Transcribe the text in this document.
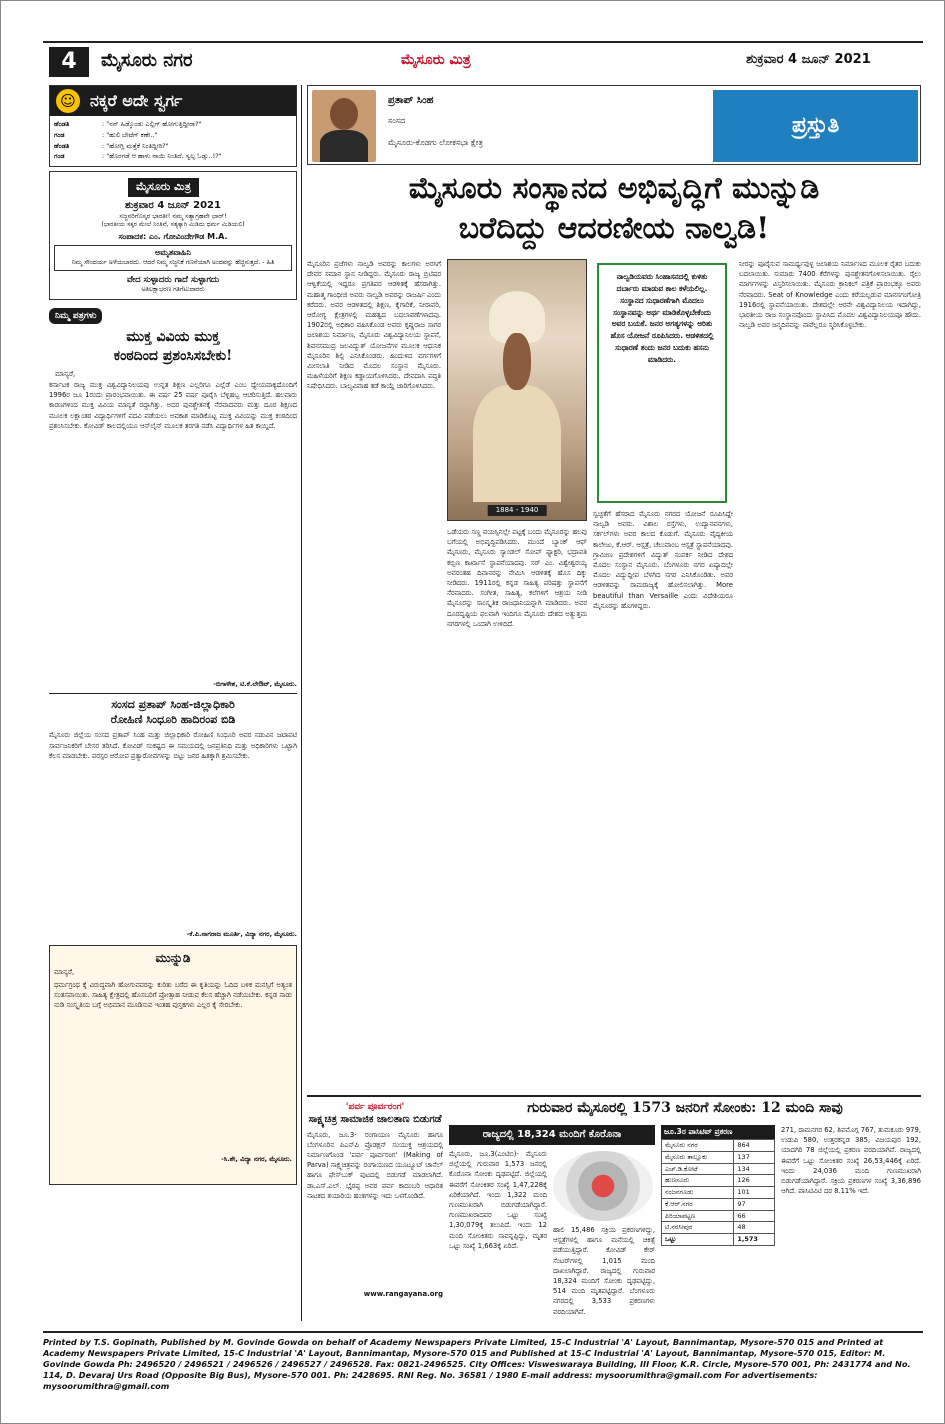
4	ಮೈಸೂರು ನಗರ	ಮೈಸೂರು ಮಿತ್ರ	ಶುಕ್ರವಾರ 4 ಜೂನ್ 2021
☺ ನಕ್ಕರೆ ಅದೇ ಸ್ವರ್ಗ
ಹೆಂಡತಿ	: "ನನ್ ಹಿಡ್ಕೊಂಡು ಎಲ್ಲಿಗ್ ಹೋಗುತ್ತಿದ್ದೀರಾ?"
ಗಂಡ	: "ಹುಲಿ ಬೇಟೆಗ್ ಕಣೇ.."
ಹೆಂಡತಿ	: "ಹೋಗ್ಲಿ ಮತ್ತೆಕೆ ನಿಂತಿದ್ದೀರಿ?"
ಗಂಡ	: "ಹೊರಗಡೆ ಆ ಹಾಳು ನಾಯಿ ನಿಂತಿದೆ, ಸ್ವಲ್ಪ ಓಡ್ಸು..!?"
ಮೈಸೂರು ಮಿತ್ರ
ಶುಕ್ರವಾರ 4 ಜೂನ್ 2021
ಸಜ್ಜನರಿಗೊಸ್ಕರ ಭಾರತೀ! ನಮ್ಮ ಸತ್ಯಾಗ್ರಹವೇ ಛಾರ್!
(ಭಾರತೀಯ ಸಕ್ಕರ ಮೇಲೆ ನಿಂತಿವೆ, ಸತ್ಯಕ್ಕಾಗಿ ಮಿಡಿದು ಧರ್ಮ ಮಿಡಿಯಲಿ)
ಸಂಪಾದಕ: ಎಂ. ಗೋವಿಂದೇಗೌಡ M.A.
ಅಮೃತವಾಹಿನಿ
ನಿಮ್ಮ ಸೌಂದರ್ಯ ಅಳೆಯಬಾರದು. ಆದರೆ ನಿಮ್ಮ ಸಜ್ಜನಿಕೆ ಗಣನೆಯಾಗಿ ಅಂದವನ್ನು ಹೆಚ್ಚಿಸುತ್ತದೆ. - ಹಿತಿ
ವೇದ ಸುಳ್ಳಾದರು ಗಾದೆ ಸುಳ್ಳಾಗದು
ಅತಿಲಕ್ಷಾಭರಣ ಗತಿಗೆಟುದಾರರು
ನಿಮ್ಮ ಪತ್ರಗಳು
ಮುಕ್ತ ವಿವಿಯ ಮುಕ್ತ
ಕಂಠದಿಂದ ಪ್ರಶಂಸಿಸಬೇಕು!
ಮಾನ್ಯರೆ,
ಕರ್ನಾಟಕ ರಾಜ್ಯ ಮುಕ್ತ ವಿಶ್ವವಿದ್ಯಾನಿಲಯವು ಉನ್ನತ ಶಿಕ್ಷಣ ಎಲ್ಲರಿಗೂ ಎಲ್ಲೆಡೆ ಎಂಬ ಧ್ಯೇಯವಾಕ್ಯದೊಂದಿಗೆ 1996ರ ಜೂ 1ರಂದು ಪ್ರಾರಂಭವಾಯಿತು. ಈ ವರ್ಷ 25 ವರ್ಷ ಪೂರೈಸಿ ಬೆಳ್ಳಿಹಬ್ಬ ಆಚರಿಸುತ್ತಿದೆ. ಹಲವಾರು ಕಾರಣಗಳಿಂದ ಮುಕ್ತ ವಿವಿಯ ಮಾನ್ಯತೆ ರದ್ದಾಗಿತ್ತು. ಅದರ ಪುನಶ್ಚೇತನಕ್ಕೆ ನೆರವಾದವರು ಮತ್ತು ದೂರ ಶಿಕ್ಷಣದ ಮೂಲಕ ಲಕ್ಷಾಂತರ ವಿದ್ಯಾರ್ಥಿಗಳಿಗೆ ಪದವಿ ಪಡೆಯಲು ಅವಕಾಶ ಮಾಡಿಕೊಟ್ಟ ಮುಕ್ತ ವಿವಿಯನ್ನು ಮುಕ್ತ ಕಂಠದಿಂದ ಪ್ರಶಂಸಿಸಬೇಕು. ಕೋವಿಡ್ ಕಾಲದಲ್ಲಿಯೂ ಆನ್‌ಲೈನ್ ಮೂಲಕ ತರಗತಿ ನಡೆಸಿ ವಿದ್ಯಾರ್ಥಿಗಳ ಹಿತ ಕಾಯ್ದಿದೆ.
-ಬಿಗಾಳೇಶ, ಟಿ.ಕೆ.ಲೇಔಟ್, ಮೈಸೂರು.
ಸಂಸದ ಪ್ರತಾಪ್ ಸಿಂಹ-ಜಿಲ್ಲಾಧಿಕಾರಿ
ರೋಹಿಣಿ ಸಿಂಧೂರಿ ಹಾದಿರಂಪ ಬಿಡಿ
ಮೈಸೂರು ಜಿಲ್ಲೆಯ ಸಂಸದ ಪ್ರತಾಪ್ ಸಿಂಹ ಮತ್ತು ಜಿಲ್ಲಾಧಿಕಾರಿ ರೋಹಿಣಿ ಸಿಂಧೂರಿ ಅವರ ನಡುವಿನ ಜಟಾಪಟಿ ಸಾರ್ವಜನಿಕರಿಗೆ ಬೇಸರ ತರಿಸಿದೆ. ಕೋವಿಡ್ ಸಂಕಷ್ಟದ ಈ ಸಮಯದಲ್ಲಿ ಜನಪ್ರತಿನಿಧಿ ಮತ್ತು ಅಧಿಕಾರಿಗಳು ಒಟ್ಟಾಗಿ ಕೆಲಸ ಮಾಡಬೇಕು. ಪರಸ್ಪರ ಆರೋಪ ಪ್ರತ್ಯಾರೋಪಗಳನ್ನು ಬಿಟ್ಟು ಜನರ ಹಿತಕ್ಕಾಗಿ ಶ್ರಮಿಸಬೇಕು.
-ಕೆ.ಪಿ.ನಾಗರಾಜ ಮೂರ್ತಿ, ವಿದ್ಯಾ ನಗರ, ಮೈಸೂರು.
ಮುನ್ನುಡಿ
ಮಾನ್ಯರೆ,
ಧರ್ಮಗ್ರಂಥ ಕ್ಕೆ ವಿರುದ್ಧವಾಗಿ ಹೋಗುವವರನ್ನು ಕುರಿತು ಬರೆದ ಈ ಕೃತಿಯನ್ನು ಓದಿದ ಬಳಿಕ ಮನಸ್ಸಿಗೆ ಅತ್ಯಂತ ಸಂತಸವಾಯಿತು. ಸಾಹಿತ್ಯ ಕ್ಷೇತ್ರದಲ್ಲಿ ಹೊಸಬರಿಗೆ ಪ್ರೋತ್ಸಾಹ ನೀಡುವ ಕೆಲಸ ಹೆಚ್ಚಾಗಿ ನಡೆಯಬೇಕು. ಕನ್ನಡ ನಾಡು ನುಡಿ ಸಂಸ್ಕೃತಿಯ ಬಗ್ಗೆ ಅಭಿಮಾನ ಮೂಡಿಸುವ ಇಂತಹ ಪುಸ್ತಕಗಳು ಎಲ್ಲರ ಕೈ ಸೇರಬೇಕು.
-ಸಿ.ಶೇ, ವಿದ್ಯಾ ನಗರ, ಮೈಸೂರು.
ಪ್ರತಾಪ್ ಸಿಂಹ
ಸಂಸದ
ಮೈಸೂರು-ಕೊಡಗು ಲೋಕಸಭಾ ಕ್ಷೇತ್ರ
ಪ್ರಸ್ತುತಿ
ಮೈಸೂರು ಸಂಸ್ಥಾನದ ಅಭಿವೃದ್ಧಿಗೆ ಮುನ್ನುಡಿ
ಬರೆದಿದ್ದು ಆದರಣೀಯ ನಾಲ್ವಡಿ!
ಮೈಸೂರಿನ ಪ್ರಜೆಗಳು ನಾಲ್ವಡಿ ಅವರನ್ನು ಕಾಲಗಳು ಅರಸಿಗೆ ದೇವರ ಸಮಾನ ಸ್ಥಾನ ನೀಡಿದ್ದರು. ಮೈಸೂರು ರಾಜ್ಯ ಬ್ರಿಟಿಷರ ಆಳ್ವಿಕೆಯಲ್ಲಿ ಇದ್ದರೂ ಪ್ರಗತಿಪರ ಆಡಳಿತಕ್ಕೆ ಹೆಸರಾಗಿತ್ತು. ಮಹಾತ್ಮ ಗಾಂಧೀಜಿ ಅವರು ನಾಲ್ವಡಿ ಅವರನ್ನು ರಾಜರ್ಷಿ ಎಂದು ಕರೆದರು. ಅವರ ಆಡಳಿತದಲ್ಲಿ ಶಿಕ್ಷಣ, ಕೈಗಾರಿಕೆ, ನೀರಾವರಿ, ಆರೋಗ್ಯ ಕ್ಷೇತ್ರಗಳಲ್ಲಿ ಮಹತ್ವದ ಬದಲಾವಣೆಗಳಾದವು. 1902ರಲ್ಲಿ ಅಧಿಕಾರ ವಹಿಸಿಕೊಂಡ ಅವರು ಕೃಷ್ಣರಾಜ ಸಾಗರ ಜಲಾಶಯ ನಿರ್ಮಾಣ, ಮೈಸೂರು ವಿಶ್ವವಿದ್ಯಾನಿಲಯ ಸ್ಥಾಪನೆ, ಶಿವನಸಮುದ್ರ ಜಲವಿದ್ಯುತ್ ಯೋಜನೆಗಳ ಮೂಲಕ ಆಧುನಿಕ ಮೈಸೂರಿನ ಶಿಲ್ಪಿ ಎನಿಸಿಕೊಂಡರು. ಹಿಂದುಳಿದ ವರ್ಗಗಳಿಗೆ ಮೀಸಲಾತಿ ನೀಡಿದ ಮೊದಲ ಸಂಸ್ಥಾನ ಮೈಸೂರು. ಮಹಿಳೆಯರಿಗೆ ಶಿಕ್ಷಣ ಕಡ್ಡಾಯಗೊಳಿಸಿದರು. ದೇವದಾಸಿ ಪದ್ಧತಿ ನಿಷೇಧಿಸಿದರು. ಬಾಲ್ಯವಿವಾಹ ತಡೆ ಕಾಯ್ದೆ ಜಾರಿಗೊಳಿಸಿದರು.
1884 - 1940
ನಾಲ್ವಡಿಯವರು ಸಿಂಹಾಸನದಲ್ಲಿ ಕುಳಿತು ದರ್ಬಾರು ಮಾಡುವ ಕಾಲ ಕಳೆಯಲಿಲ್ಲ. ಸಂಸ್ಥಾನದ ಸುಧಾರಣೆಗಾಗಿ ಮೊದಲು ಸಂಸ್ಥಾನವನ್ನು ಅರ್ಥ ಮಾಡಿಕೊಳ್ಳಬೇಕೆಂದು ಅವರ ಬಯಕೆ. ಜನರ ಅಗತ್ಯಗಳನ್ನು ಅರಿತು ಹೊಸ ಯೋಜನೆ ರೂಪಿಸಿದರು. ಆಡಳಿತದಲ್ಲಿ ಸುಧಾರಣೆ ತಂದು ಜನರ ಬದುಕು ಹಸನು ಮಾಡಿದರು.
ಒಡೆಯರು ಸಣ್ಣ ವಯಸ್ಸಿನಲ್ಲೇ ಪಟ್ಟಕ್ಕೆ ಬಂದು ಮೈಸೂರನ್ನು ಹಲವು ಬಗೆಯಲ್ಲಿ ಅಭಿವೃದ್ಧಿಪಡಿಸಿದರು. ಮುಂದೆ ಬ್ಯಾಂಕ್ ಆಫ್ ಮೈಸೂರು, ಮೈಸೂರು ಸ್ಯಾಂಡಲ್ ಸೋಪ್ ಫ್ಯಾಕ್ಟರಿ, ಭದ್ರಾವತಿ ಕಬ್ಬಿಣ ಕಾರ್ಖಾನೆ ಸ್ಥಾಪನೆಯಾದವು. ಸರ್ ಎಂ. ವಿಶ್ವೇಶ್ವರಯ್ಯ ಅವರಂತಹ ದಿವಾನರನ್ನು ನೇಮಿಸಿ ಆಡಳಿತಕ್ಕೆ ಹೊಸ ದಿಕ್ಕು ನೀಡಿದರು. 1911ರಲ್ಲಿ ಕನ್ನಡ ಸಾಹಿತ್ಯ ಪರಿಷತ್ತು ಸ್ಥಾಪನೆಗೆ ನೆರವಾದರು. ಸಂಗೀತ, ಸಾಹಿತ್ಯ, ಕಲೆಗಳಿಗೆ ಆಶ್ರಯ ನೀಡಿ ಮೈಸೂರನ್ನು ಸಾಂಸ್ಕೃತಿಕ ರಾಜಧಾನಿಯನ್ನಾಗಿ ಮಾಡಿದರು. ಅವರ ದೂರದೃಷ್ಟಿಯ ಫಲವಾಗಿ ಇಂದಿಗೂ ಮೈಸೂರು ದೇಶದ ಅತ್ಯುತ್ತಮ ನಗರಗಳಲ್ಲಿ ಒಂದಾಗಿ ಉಳಿದಿದೆ.
ಸ್ವಚ್ಛತೆಗೆ ಹೆಸರಾದ ಮೈಸೂರು ನಗರದ ಯೋಜನೆ ರೂಪಿಸಿದ್ದೇ ನಾಲ್ವಡಿ ಅವರು. ವಿಶಾಲ ರಸ್ತೆಗಳು, ಉದ್ಯಾನವನಗಳು, ಸರ್ಕಲ್‌ಗಳು ಅವರ ಕಾಲದ ಕೊಡುಗೆ. ಮೈಸೂರು ವೈದ್ಯಕೀಯ ಕಾಲೇಜು, ಕೆ.ಆರ್. ಆಸ್ಪತ್ರೆ, ಚೆಲುವಾಂಬ ಆಸ್ಪತ್ರೆ ಸ್ಥಾಪನೆಯಾದವು. ಗ್ರಾಮೀಣ ಪ್ರದೇಶಗಳಿಗೆ ವಿದ್ಯುತ್ ಸಂಪರ್ಕ ನೀಡಿದ ದೇಶದ ಮೊದಲ ಸಂಸ್ಥಾನ ಮೈಸೂರು. ಬೆಂಗಳೂರು ನಗರ ಏಷ್ಯಾದಲ್ಲೇ ಮೊದಲ ವಿದ್ಯುದ್ದೀಪ ಬೆಳಗಿದ ನಗರ ಎನಿಸಿಕೊಂಡಿತು. ಅವರ ಆಡಳಿತವನ್ನು ರಾಮರಾಜ್ಯಕ್ಕೆ ಹೋಲಿಸಲಾಗಿತ್ತು. More beautiful than Versaille ಎಂದು ವಿದೇಶಿಯರೂ ಮೈಸೂರನ್ನು ಹೊಗಳಿದ್ದರು.
ನೀರನ್ನು ಪೂರೈಸುವ ಸಾಮರ್ಥ್ಯವುಳ್ಳ ಜಲಾಶಯ ನಿರ್ಮಾಣದ ಮೂಲಕ ರೈತರ ಬದುಕು ಬದಲಾಯಿತು. ಸುಮಾರು 7400 ಕೆರೆಗಳನ್ನು ಪುನಶ್ಚೇತನಗೊಳಿಸಲಾಯಿತು. ರೈಲು ಮಾರ್ಗಗಳನ್ನು ವಿಸ್ತರಿಸಲಾಯಿತು. ಮೈಸೂರು ಕ್ರಾನಿಕಲ್ ಪತ್ರಿಕೆ ಪ್ರಾರಂಭಕ್ಕೂ ಅವರು ನೆರವಾದರು. Seat of Knowledge ಎಂದು ಕರೆಯಲ್ಪಡುವ ಮಾನಸಗಂಗೋತ್ರಿ 1916ರಲ್ಲಿ ಸ್ಥಾಪನೆಯಾಯಿತು. ದೇಶದಲ್ಲೇ ಆರನೇ ವಿಶ್ವವಿದ್ಯಾನಿಲಯ ಇದಾಗಿದ್ದು, ಭಾರತೀಯ ರಾಜ ಸಂಸ್ಥಾನವೊಂದು ಸ್ಥಾಪಿಸಿದ ಮೊದಲ ವಿಶ್ವವಿದ್ಯಾನಿಲಯವೂ ಹೌದು. ನಾಲ್ವಡಿ ಅವರ ಜನ್ಮದಿನವನ್ನು ನಾವೆಲ್ಲರೂ ಸ್ಮರಿಸಿಕೊಳ್ಳಬೇಕು.
'ಪರ್ವ ಪೂರ್ವರಂಗ'
ಸಾಕ್ಷ್ಯಚಿತ್ರ ಸಾಮಾಜಿಕ ಜಾಲತಾಣ ಬಿಡುಗಡೆ
ಮೈಸೂರು, ಜೂ.3- ರಂಗಾಯಣ ಮೈಸೂರು ಹಾಗೂ ಬೆಂಗಳೂರಿನ ಪಿಎನ್‌ಪಿ ಪ್ರೊಡಕ್ಷನ್ ಸಂಯುಕ್ತ ಆಶ್ರಯದಲ್ಲಿ ನಿರ್ಮಾಣಗೊಂಡ 'ಪರ್ವ ಪೂರ್ವರಂಗ' (Making of Parva) ಸಾಕ್ಷ್ಯಚಿತ್ರವನ್ನು ರಂಗಾಯಣದ ಯೂಟ್ಯೂಬ್ ಚಾನೆಲ್ ಹಾಗೂ ಫೇಸ್‌ಬುಕ್ ಪುಟದಲ್ಲಿ ಬಿಡುಗಡೆ ಮಾಡಲಾಗಿದೆ. ಡಾ.ಎಸ್.ಎಲ್. ಭೈರಪ್ಪ ಅವರ ಪರ್ವ ಕಾದಂಬರಿ ಆಧಾರಿತ ನಾಟಕದ ತಯಾರಿಯ ಹಂತಗಳನ್ನು ಇದು ಒಳಗೊಂಡಿದೆ.
www.rangayana.org
ಗುರುವಾರ ಮೈಸೂರಲ್ಲಿ 1573 ಜನರಿಗೆ ಸೋಂಕು: 12 ಮಂದಿ ಸಾವು
ರಾಜ್ಯದಲ್ಲಿ 18,324 ಮಂದಿಗೆ ಕೊರೊನಾ
ಮೈಸೂರು, ಜೂ.3(ಎಂಟಿಬಿ)- ಮೈಸೂರು ಜಿಲ್ಲೆಯಲ್ಲಿ ಗುರುವಾರ 1,573 ಜನರಲ್ಲಿ ಕೊರೊನಾ ಸೋಂಕು ದೃಢಪಟ್ಟಿದೆ. ಜಿಲ್ಲೆಯಲ್ಲಿ ಈವರೆಗೆ ಸೋಂಕಿತರ ಸಂಖ್ಯೆ 1,47,228ಕ್ಕೆ ಏರಿಕೆಯಾಗಿದೆ. ಇಂದು 1,322 ಮಂದಿ ಗುಣಮುಖರಾಗಿ ಬಿಡುಗಡೆಯಾಗಿದ್ದಾರೆ. ಗುಣಮುಖರಾದವರ ಒಟ್ಟು ಸಂಖ್ಯೆ 1,30,079ಕ್ಕೆ ತಲುಪಿದೆ. ಇಂದು 12 ಮಂದಿ ಸೋಂಕಿತರು ಸಾವನ್ನಪ್ಪಿದ್ದು, ಮೃತರ ಒಟ್ಟು ಸಂಖ್ಯೆ 1,663ಕ್ಕೆ ಏರಿದೆ.
ಹಾಲಿ 15,486 ಸಕ್ರಿಯ ಪ್ರಕರಣಗಳಿದ್ದು, ಆಸ್ಪತ್ರೆಗಳಲ್ಲಿ ಹಾಗೂ ಮನೆಯಲ್ಲಿ ಚಿಕಿತ್ಸೆ ಪಡೆಯುತ್ತಿದ್ದಾರೆ. ಕೋವಿಡ್ ಕೇರ್ ಸೆಂಟರ್‌ಗಳಲ್ಲಿ 1,015 ಮಂದಿ ದಾಖಲಾಗಿದ್ದಾರೆ. ರಾಜ್ಯದಲ್ಲಿ ಗುರುವಾರ 18,324 ಮಂದಿಗೆ ಸೋಂಕು ದೃಢಪಟ್ಟಿದ್ದು, 514 ಮಂದಿ ಮೃತಪಟ್ಟಿದ್ದಾರೆ. ಬೆಂಗಳೂರು ನಗರದಲ್ಲಿ 3,533 ಪ್ರಕರಣಗಳು ವರದಿಯಾಗಿವೆ.
ಜೂ.3ರ ಪಾಸಿಟಿವ್ ಪ್ರಕರಣ
ಮೈಸೂರು ನಗರ	864
ಮೈಸೂರು ತಾಲ್ಲೂಕು	137
ಎಚ್.ಡಿ.ಕೋಟೆ	134
ಹುಣಸೂರು	126
ನಂಜನಗೂಡು	101
ಕೆ.ಆರ್.ನಗರ	97
ಪಿರಿಯಾಪಟ್ಟಣ	66
ಟಿ.ನರಸೀಪುರ	48
ಒಟ್ಟು	1,573
271, ರಾಮನಗರ 62, ಶಿವಮೊಗ್ಗ 767, ತುಮಕೂರು 979, ಉಡುಪಿ 580, ಉತ್ತರಕನ್ನಡ 385, ವಿಜಯಪುರ 192, ಯಾದಗಿರಿ 78 ಜಿಲ್ಲೆಯಲ್ಲಿ ಪ್ರಕರಣ ವರದಿಯಾಗಿವೆ. ರಾಜ್ಯದಲ್ಲಿ ಈವರೆಗೆ ಒಟ್ಟು ಸೋಂಕಿತರ ಸಂಖ್ಯೆ 26,53,446ಕ್ಕೆ ಏರಿದೆ. ಇಂದು 24,036 ಮಂದಿ ಗುಣಮುಖರಾಗಿ ಬಿಡುಗಡೆಯಾಗಿದ್ದಾರೆ. ಸಕ್ರಿಯ ಪ್ರಕರಣಗಳ ಸಂಖ್ಯೆ 3,36,896 ಆಗಿದೆ. ಪಾಸಿಟಿವಿಟಿ ದರ 8.11% ಇದೆ.
Printed by T.S. Gopinath, Published by M. Govinde Gowda on behalf of Academy Newspapers Private Limited, 15-C Industrial 'A' Layout, Bannimantap, Mysore-570 015 and Printed at Academy Newspapers Private Limited, 15-C Industrial 'A' Layout, Bannimantap, Mysore-570 015 and Published at 15-C Industrial 'A' Layout, Bannimantap, Mysore-570 015, Editor: M. Govinde Gowda Ph: 2496520 / 2496521 / 2496526 / 2496527 / 2496528. Fax: 0821-2496525. City Offices: Visweswaraya Building, III Floor, K.R. Circle, Mysore-570 001, Ph: 2431774 and No. 114, D. Devaraj Urs Road (Opposite Big Bus), Mysore-570 001. Ph: 2428695. RNI Reg. No. 36581 / 1980 E-mail address: mysoorumithra@gmail.com For advertisements: mysoorumithra@gmail.com
